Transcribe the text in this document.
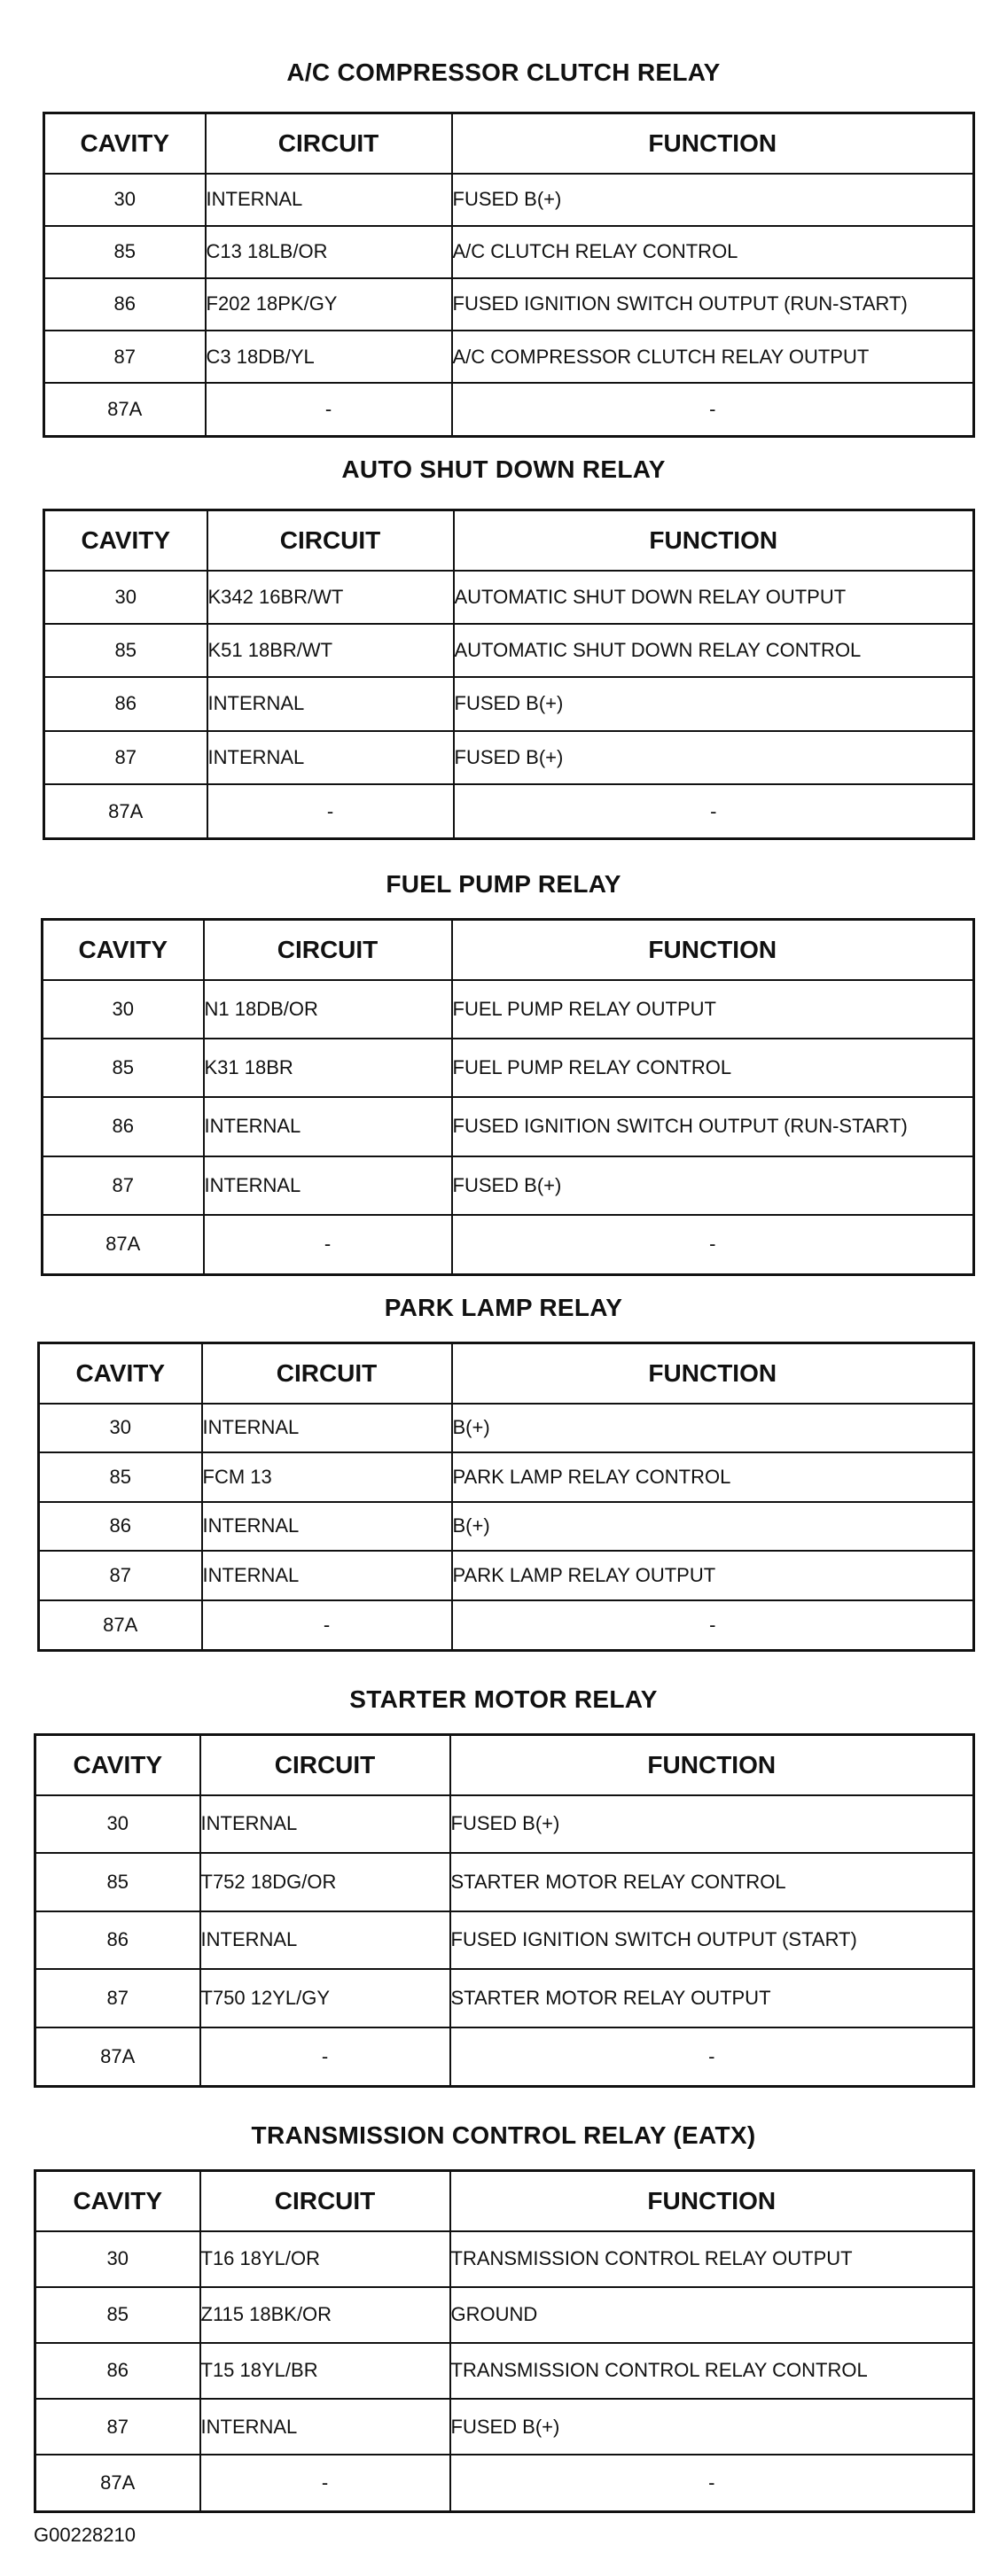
A/C COMPRESSOR CLUTCH RELAY
CAVITY	CIRCUIT	FUNCTION
30	INTERNAL	FUSED B(+)
85	C13 18LB/OR	A/C CLUTCH RELAY CONTROL
86	F202 18PK/GY	FUSED IGNITION SWITCH OUTPUT (RUN-START)
87	C3 18DB/YL	A/C COMPRESSOR CLUTCH RELAY OUTPUT
87A	-	-
AUTO SHUT DOWN RELAY
CAVITY	CIRCUIT	FUNCTION
30	K342 16BR/WT	AUTOMATIC SHUT DOWN RELAY OUTPUT
85	K51 18BR/WT	AUTOMATIC SHUT DOWN RELAY CONTROL
86	INTERNAL	FUSED B(+)
87	INTERNAL	FUSED B(+)
87A	-	-
FUEL PUMP RELAY
CAVITY	CIRCUIT	FUNCTION
30	N1 18DB/OR	FUEL PUMP RELAY OUTPUT
85	K31 18BR	FUEL PUMP RELAY CONTROL
86	INTERNAL	FUSED IGNITION SWITCH OUTPUT (RUN-START)
87	INTERNAL	FUSED B(+)
87A	-	-
PARK LAMP RELAY
CAVITY	CIRCUIT	FUNCTION
30	INTERNAL	B(+)
85	FCM 13	PARK LAMP RELAY CONTROL
86	INTERNAL	B(+)
87	INTERNAL	PARK LAMP RELAY OUTPUT
87A	-	-
STARTER MOTOR RELAY
CAVITY	CIRCUIT	FUNCTION
30	INTERNAL	FUSED B(+)
85	T752 18DG/OR	STARTER MOTOR RELAY CONTROL
86	INTERNAL	FUSED IGNITION SWITCH OUTPUT (START)
87	T750 12YL/GY	STARTER MOTOR RELAY OUTPUT
87A	-	-
TRANSMISSION CONTROL RELAY (EATX)
CAVITY	CIRCUIT	FUNCTION
30	T16 18YL/OR	TRANSMISSION CONTROL RELAY OUTPUT
85	Z115 18BK/OR	GROUND
86	T15 18YL/BR	TRANSMISSION CONTROL RELAY CONTROL
87	INTERNAL	FUSED B(+)
87A	-	-
G00228210
